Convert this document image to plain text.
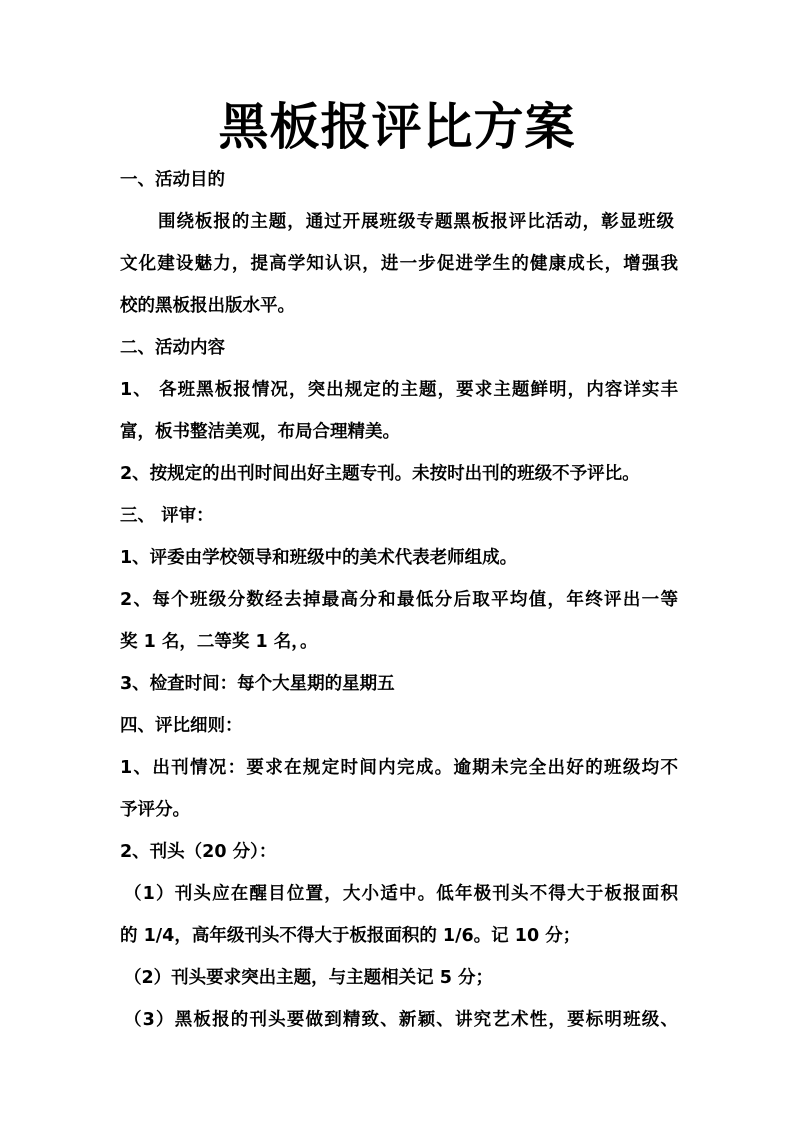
黑板报评比方案
一、活动目的
围绕板报的主题，通过开展班级专题黑板报评比活动，彰显班级
文化建设魅力，提高学知认识，进一步促进学生的健康成长，增强我
校的黑板报出版水平。
二、活动内容
1、 各班黑板报情况，突出规定的主题，要求主题鲜明，内容详实丰
富，板书整洁美观，布局合理精美。
2、按规定的出刊时间出好主题专刊。未按时出刊的班级不予评比。
三、 评审：
1、评委由学校领导和班级中的美术代表老师组成。
2、每个班级分数经去掉最高分和最低分后取平均值，年终评出一等
奖 1 名，二等奖 1 名，。
3、检查时间：每个大星期的星期五
四、评比细则：
1、出刊情况：要求在规定时间内完成。逾期未完全出好的班级均不
予评分。
2、刊头（20 分）：
（1）刊头应在醒目位置，大小适中。低年极刊头不得大于板报面积
的 1/4，高年级刊头不得大于板报面积的 1/6。记 10 分；
（2）刊头要求突出主题，与主题相关记 5 分；
（3）黑板报的刊头要做到精致、新颖、讲究艺术性，要标明班级、
